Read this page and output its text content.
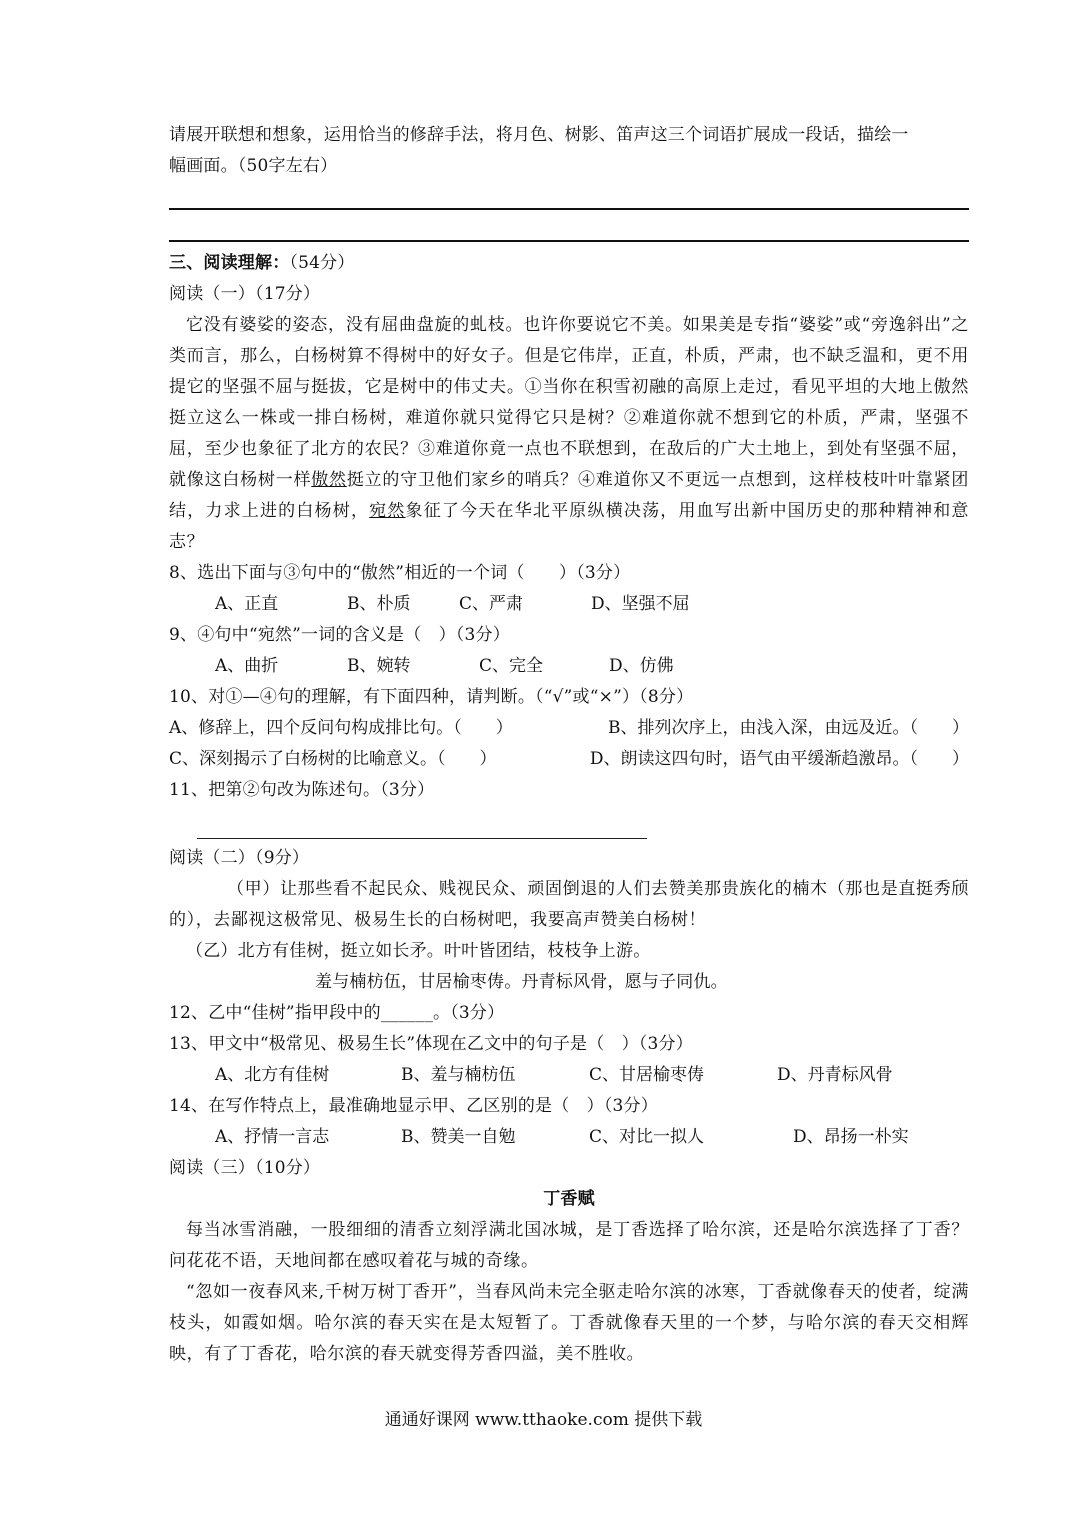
请展开联想和想象，运用恰当的修辞手法，将月色、树影、笛声这三个词语扩展成一段话，描绘一
幅画面。（50字左右）
三、阅读理解：（54分）
阅读（一）（17分）
它没有婆娑的姿态，没有屈曲盘旋的虬枝。也许你要说它不美。如果美是专指“婆娑”或“旁逸斜出”之类而言，那么，白杨树算不得树中的好女子。但是它伟岸，正直，朴质，严肃，也不缺乏温和，更不用提它的坚强不屈与挺拔，它是树中的伟丈夫。①当你在积雪初融的高原上走过，看见平坦的大地上傲然挺立这么一株或一排白杨树，难道你就只觉得它只是树？②难道你就不想到它的朴质，严肃，坚强不屈，至少也象征了北方的农民？③难道你竟一点也不联想到，在敌后的广大土地上，到处有坚强不屈，就像这白杨树一样傲然挺立的守卫他们家乡的哨兵？④难道你又不更远一点想到，这样枝枝叶叶靠紧团结，力求上进的白杨树，宛然象征了今天在华北平原纵横决荡，用血写出新中国历史的那种精神和意志？
8、选出下面与③句中的“傲然”相近的一个词（　　）（3分）
A、正直	B、朴质	C、严肃	D、坚强不屈
9、④句中“宛然”一词的含义是（　）（3分）
A、曲折	B、婉转	C、完全	D、仿佛
10、对①—④句的理解，有下面四种，请判断。（“√”或“×”）（8分）
A、修辞上，四个反问句构成排比句。（　　）	B、排列次序上，由浅入深，由远及近。（　　）
C、深刻揭示了白杨树的比喻意义。（　　）	D、朗读这四句时，语气由平缓渐趋激昂。（　　）
11、把第②句改为陈述句。（3分）
阅读（二）（9分）
（甲）让那些看不起民众、贱视民众、顽固倒退的人们去赞美那贵族化的楠木（那也是直挺秀颀的），去鄙视这极常见、极易生长的白杨树吧，我要高声赞美白杨树！
（乙）北方有佳树，挺立如长矛。叶叶皆团结，枝枝争上游。
羞与楠枋伍，甘居榆枣俦。丹青标风骨，愿与子同仇。
12、乙中“佳树”指甲段中的______。（3分）
13、甲文中“极常见、极易生长”体现在乙文中的句子是（　）（3分）
A、北方有佳树	B、羞与楠枋伍	C、甘居榆枣俦	D、丹青标风骨
14、在写作特点上，最准确地显示甲、乙区别的是（　）（3分）
A、抒情一言志	B、赞美一自勉	C、对比一拟人	D、昂扬一朴实
阅读（三）（10分）
丁香赋
每当冰雪消融，一股细细的清香立刻浮满北国冰城，是丁香选择了哈尔滨，还是哈尔滨选择了丁香？问花花不语，天地间都在感叹着花与城的奇缘。
“忽如一夜春风来,千树万树丁香开”，当春风尚未完全驱走哈尔滨的冰寒，丁香就像春天的使者，绽满枝头，如霞如烟。哈尔滨的春天实在是太短暂了。丁香就像春天里的一个梦，与哈尔滨的春天交相辉映，有了丁香花，哈尔滨的春天就变得芳香四溢，美不胜收。
通通好课网 www.tthaoke.com 提供下载
